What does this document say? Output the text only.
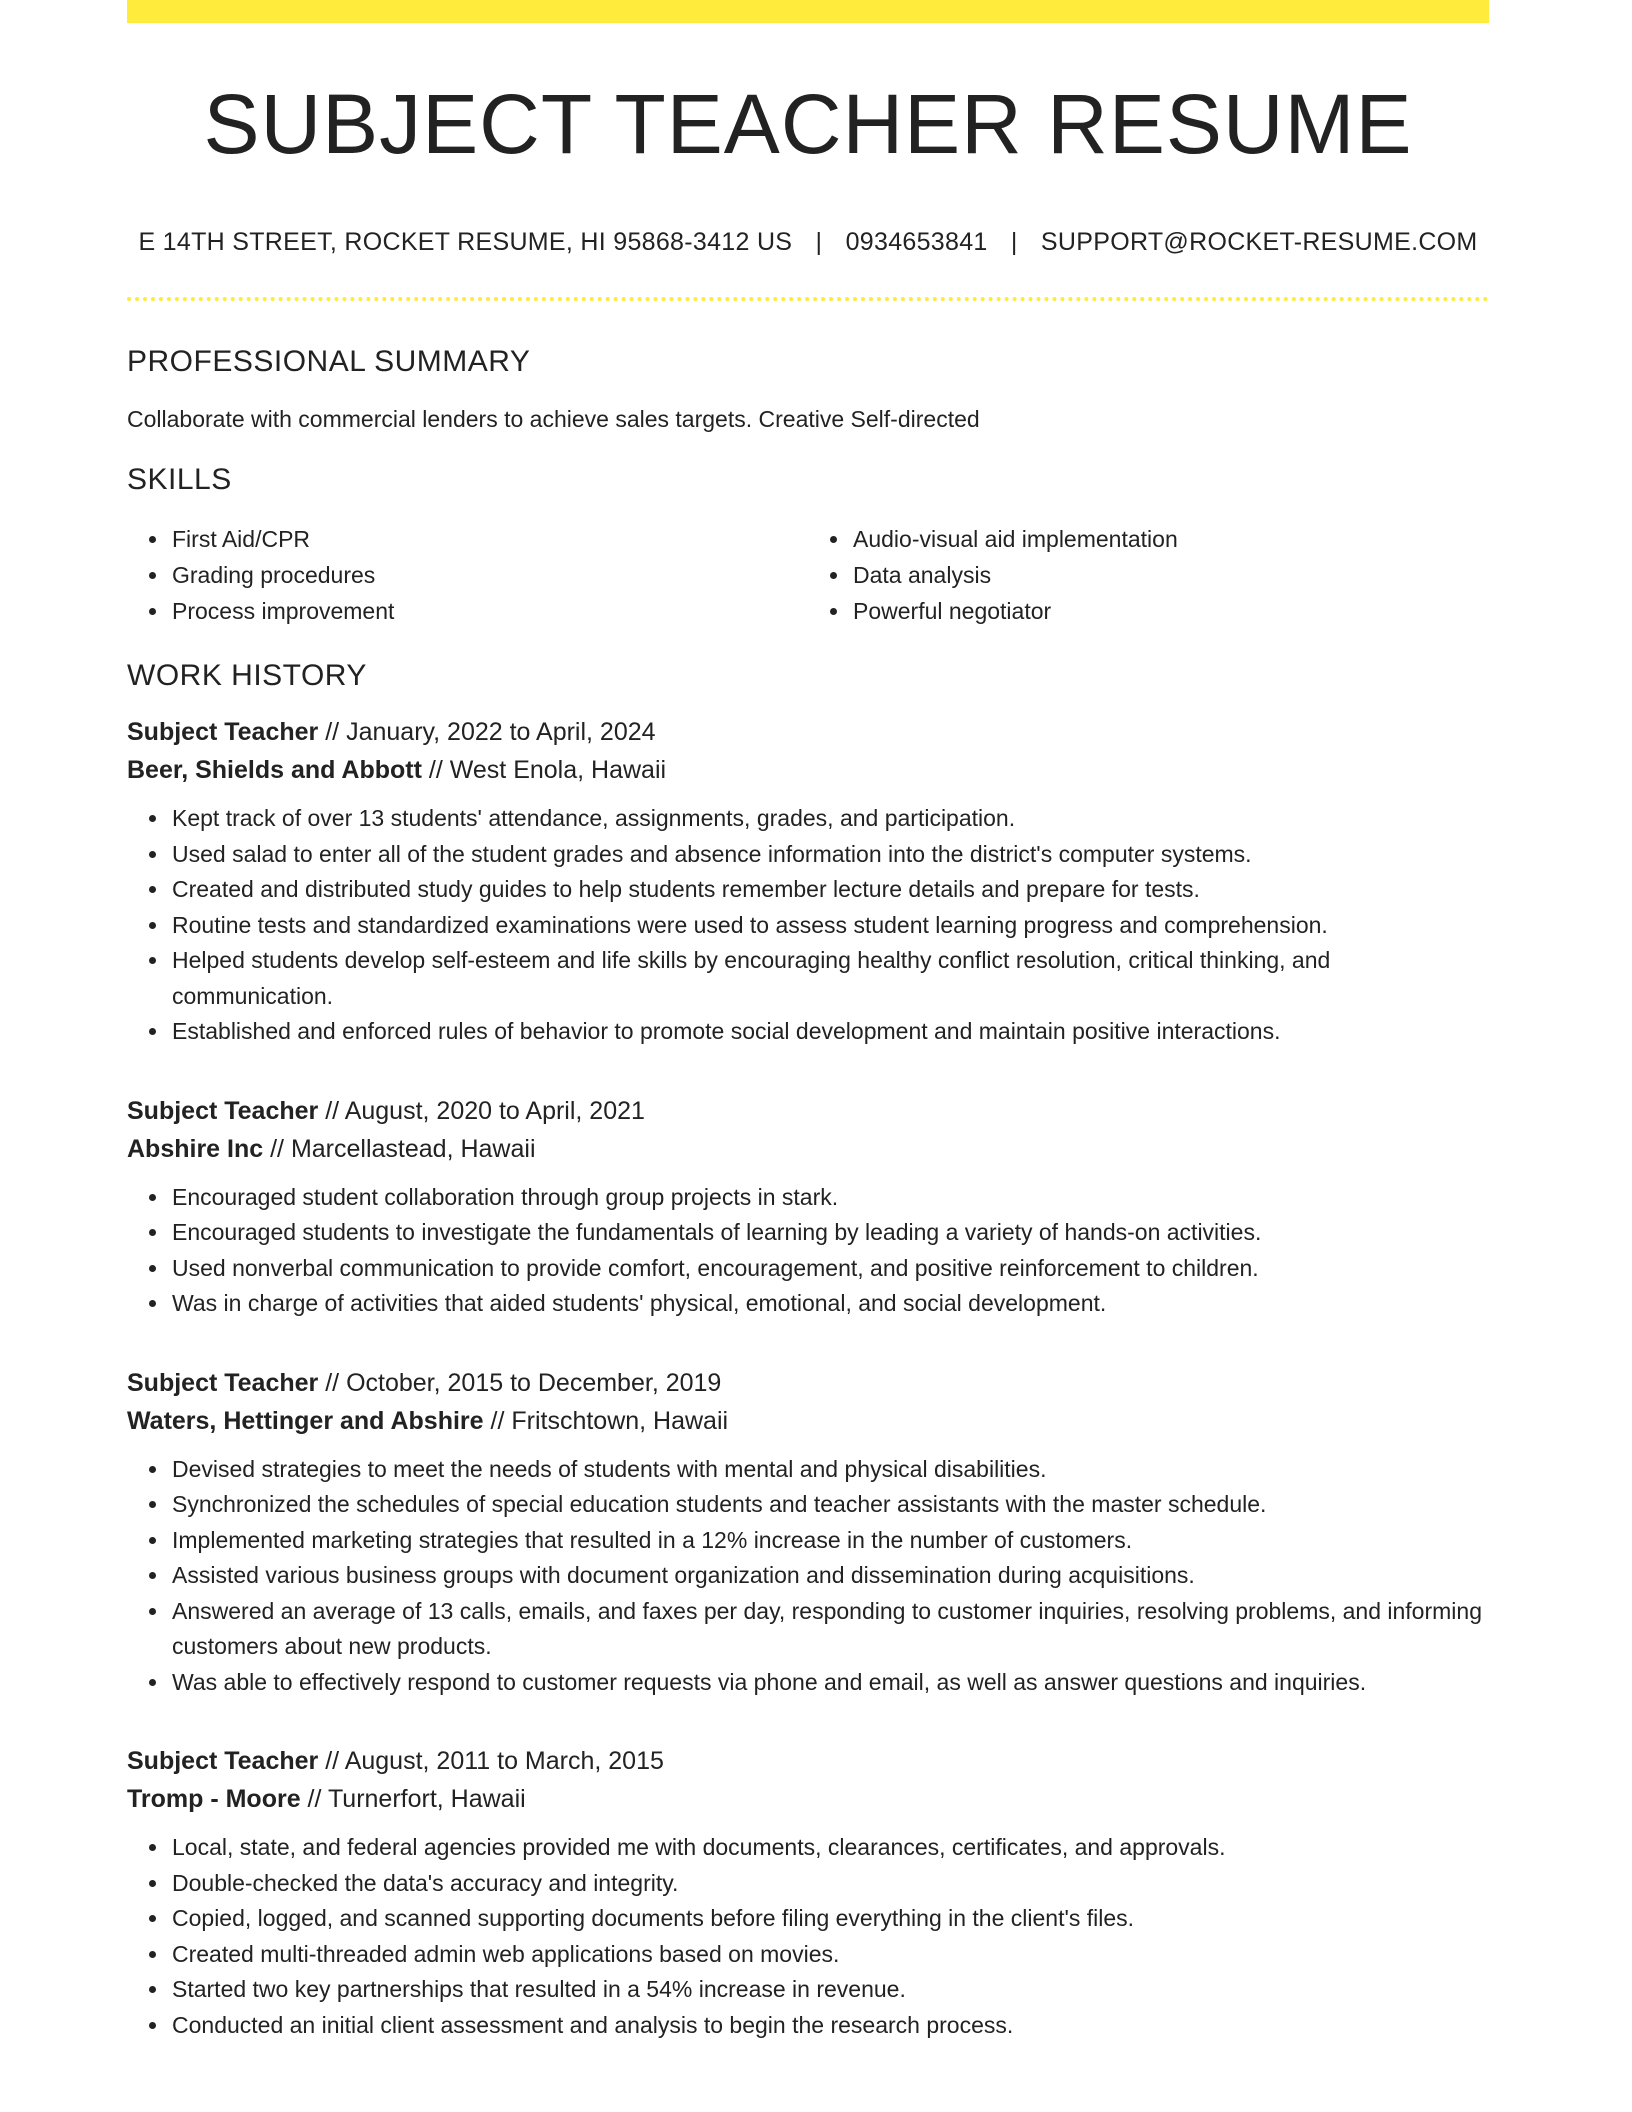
SUBJECT TEACHER RESUME
E 14TH STREET, ROCKET RESUME, HI 95868-3412 US | 0934653841 | SUPPORT@ROCKET-RESUME.COM
PROFESSIONAL SUMMARY
Collaborate with commercial lenders to achieve sales targets. Creative Self-directed
SKILLS
• First Aid/CPR
• Grading procedures
• Process improvement
• Audio-visual aid implementation
• Data analysis
• Powerful negotiator
WORK HISTORY
Subject Teacher // January, 2022 to April, 2024
Beer, Shields and Abbott // West Enola, Hawaii
• Kept track of over 13 students' attendance, assignments, grades, and participation.
• Used salad to enter all of the student grades and absence information into the district's computer systems.
• Created and distributed study guides to help students remember lecture details and prepare for tests.
• Routine tests and standardized examinations were used to assess student learning progress and comprehension.
• Helped students develop self-esteem and life skills by encouraging healthy conflict resolution, critical thinking, and communication.
• Established and enforced rules of behavior to promote social development and maintain positive interactions.
Subject Teacher // August, 2020 to April, 2021
Abshire Inc // Marcellastead, Hawaii
• Encouraged student collaboration through group projects in stark.
• Encouraged students to investigate the fundamentals of learning by leading a variety of hands-on activities.
• Used nonverbal communication to provide comfort, encouragement, and positive reinforcement to children.
• Was in charge of activities that aided students' physical, emotional, and social development.
Subject Teacher // October, 2015 to December, 2019
Waters, Hettinger and Abshire // Fritschtown, Hawaii
• Devised strategies to meet the needs of students with mental and physical disabilities.
• Synchronized the schedules of special education students and teacher assistants with the master schedule.
• Implemented marketing strategies that resulted in a 12% increase in the number of customers.
• Assisted various business groups with document organization and dissemination during acquisitions.
• Answered an average of 13 calls, emails, and faxes per day, responding to customer inquiries, resolving problems, and informing customers about new products.
• Was able to effectively respond to customer requests via phone and email, as well as answer questions and inquiries.
Subject Teacher // August, 2011 to March, 2015
Tromp - Moore // Turnerfort, Hawaii
• Local, state, and federal agencies provided me with documents, clearances, certificates, and approvals.
• Double-checked the data's accuracy and integrity.
• Copied, logged, and scanned supporting documents before filing everything in the client's files.
• Created multi-threaded admin web applications based on movies.
• Started two key partnerships that resulted in a 54% increase in revenue.
• Conducted an initial client assessment and analysis to begin the research process.
